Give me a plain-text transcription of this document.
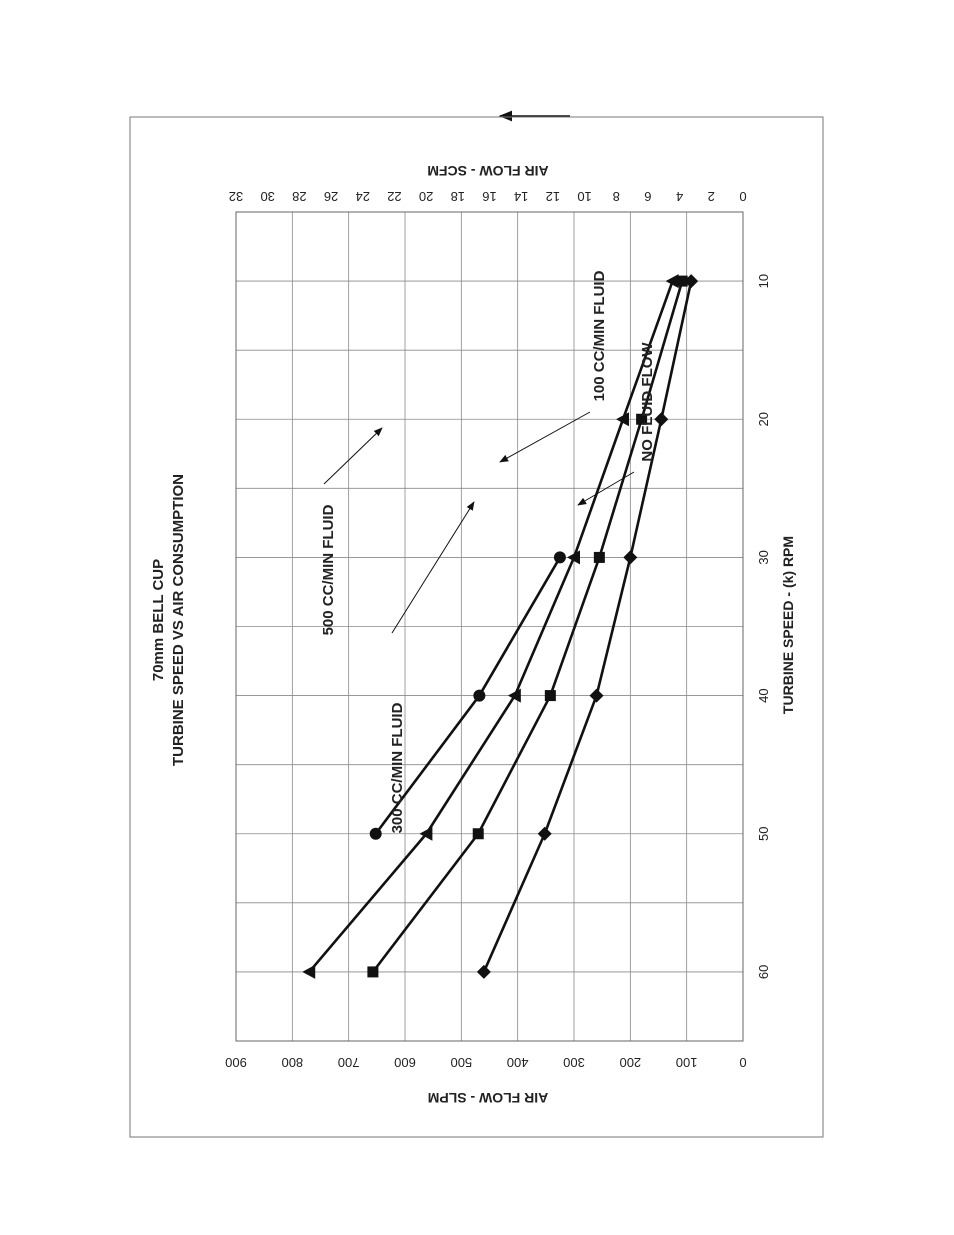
0
100
200
300
400
500
600
700
800
900
0
2
4
6
8
10
12
14
16
18
20
22
24
26
28
30
32
10
20
30
40
50
60
70mm BELL CUP TURBINE SPEED VS AIR CONSUMPTION
AIR FLOW - SLPM
AIR FLOW - SCFM
TURBINE SPEED - (k) RPM
NO FLUID FLOW
100 CC/MIN FLUID
300 CC/MIN FLUID
500 CC/MIN FLUID
